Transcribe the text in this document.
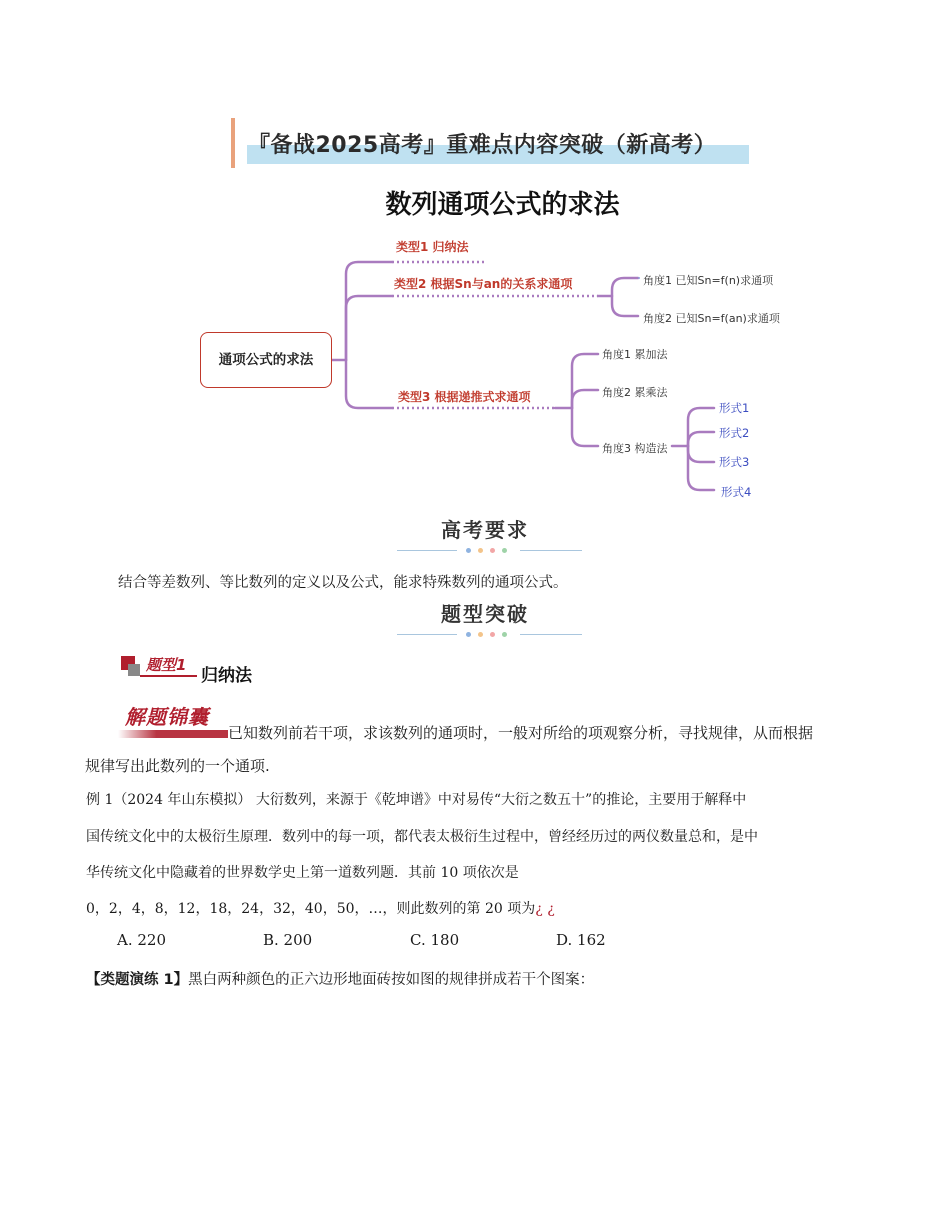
『备战2025高考』重难点内容突破（新高考）
数列通项公式的求法
通项公式的求法
类型1 归纳法
类型2 根据Sn与an的关系求通项	角度1 已知Sn=f(n)求通项
角度2 已知Sn=f(an)求通项
类型3 根据递推式求通项
角度1 累加法
角度2 累乘法
角度3 构造法
形式1
形式2
形式3
形式4
高考要求
结合等差数列、等比数列的定义以及公式，能求特殊数列的通项公式。
题型突破
题型1
归纳法
解题锦囊
已知数列前若干项，求该数列的通项时，一般对所给的项观察分析，寻找规律，从而根据
规律写出此数列的一个通项.
例 1（2024 年山东模拟） 大衍数列，来源于《乾坤谱》中对易传“大衍之数五十”的推论，主要用于解释中
国传统文化中的太极衍生原理．数列中的每一项，都代表太极衍生过程中，曾经经历过的两仪数量总和，是中
华传统文化中隐藏着的世界数学史上第一道数列题．其前 10 项依次是
0，2，4，8，12，18，24，32，40，50，…，则此数列的第 20 项为¿ ¿
A. 220	B. 200	C. 180	D. 162
【类题演练 1】黑白两种颜色的正六边形地面砖按如图的规律拼成若干个图案：
